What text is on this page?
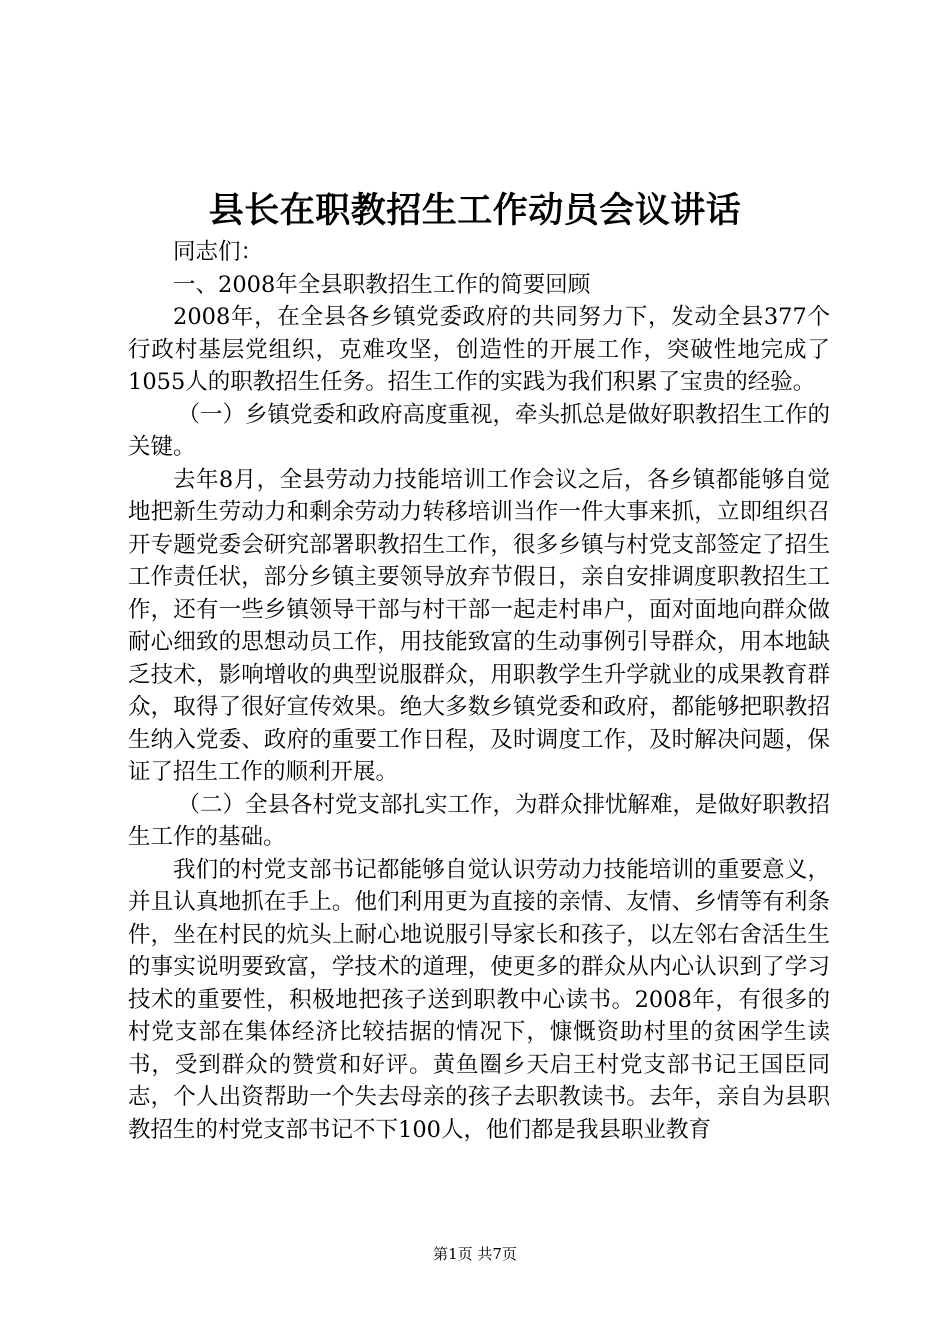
县长在职教招生工作动员会议讲话

同志们：

一、2008年全县职教招生工作的简要回顾

2008年，在全县各乡镇党委政府的共同努力下，发动全县377个行政村基层党组织，克难攻坚，创造性的开展工作，突破性地完成了1055人的职教招生任务。招生工作的实践为我们积累了宝贵的经验。

（一）乡镇党委和政府高度重视，牵头抓总是做好职教招生工作的关键。

去年8月，全县劳动力技能培训工作会议之后，各乡镇都能够自觉地把新生劳动力和剩余劳动力转移培训当作一件大事来抓，立即组织召开专题党委会研究部署职教招生工作，很多乡镇与村党支部签定了招生工作责任状，部分乡镇主要领导放弃节假日，亲自安排调度职教招生工作，还有一些乡镇领导干部与村干部一起走村串户，面对面地向群众做耐心细致的思想动员工作，用技能致富的生动事例引导群众，用本地缺乏技术，影响增收的典型说服群众，用职教学生升学就业的成果教育群众，取得了很好宣传效果。绝大多数乡镇党委和政府，都能够把职教招生纳入党委、政府的重要工作日程，及时调度工作，及时解决问题，保证了招生工作的顺利开展。

（二）全县各村党支部扎实工作，为群众排忧解难，是做好职教招生工作的基础。

我们的村党支部书记都能够自觉认识劳动力技能培训的重要意义，并且认真地抓在手上。他们利用更为直接的亲情、友情、乡情等有利条件，坐在村民的炕头上耐心地说服引导家长和孩子，以左邻右舍活生生的事实说明要致富，学技术的道理，使更多的群众从内心认识到了学习技术的重要性，积极地把孩子送到职教中心读书。2008年，有很多的村党支部在集体经济比较拮据的情况下，慷慨资助村里的贫困学生读书，受到群众的赞赏和好评。黄鱼圈乡天启王村党支部书记王国臣同志，个人出资帮助一个失去母亲的孩子去职教读书。去年，亲自为县职教招生的村党支部书记不下100人，他们都是我县职业教育

第1页 共7页
